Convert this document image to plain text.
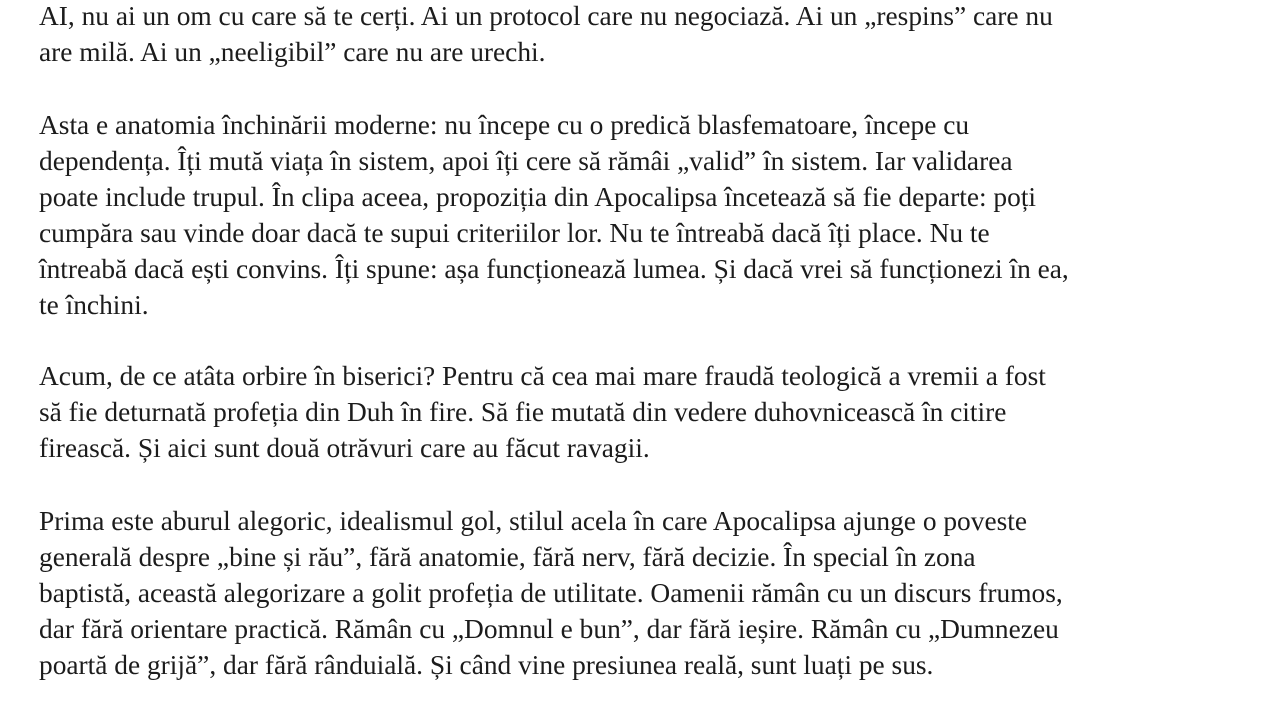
AI, nu ai un om cu care să te cerți. Ai un protocol care nu negociază. Ai un „respins” care nu
are milă. Ai un „neeligibil” care nu are urechi.
Asta e anatomia închinării moderne: nu începe cu o predică blasfematoare, începe cu
dependența. Îți mută viața în sistem, apoi îți cere să rămâi „valid” în sistem. Iar validarea
poate include trupul. În clipa aceea, propoziția din Apocalipsa încetează să fie departe: poți
cumpăra sau vinde doar dacă te supui criteriilor lor. Nu te întreabă dacă îți place. Nu te
întreabă dacă ești convins. Îți spune: așa funcționează lumea. Și dacă vrei să funcționezi în ea,
te închini.
Acum, de ce atâta orbire în biserici? Pentru că cea mai mare fraudă teologică a vremii a fost
să fie deturnată profeția din Duh în fire. Să fie mutată din vedere duhovnicească în citire
firească. Și aici sunt două otrăvuri care au făcut ravagii.
Prima este aburul alegoric, idealismul gol, stilul acela în care Apocalipsa ajunge o poveste
generală despre „bine și rău”, fără anatomie, fără nerv, fără decizie. În special în zona
baptistă, această alegorizare a golit profeția de utilitate. Oamenii rămân cu un discurs frumos,
dar fără orientare practică. Rămân cu „Domnul e bun”, dar fără ieșire. Rămân cu „Dumnezeu
poartă de grijă”, dar fără rânduială. Și când vine presiunea reală, sunt luați pe sus.
